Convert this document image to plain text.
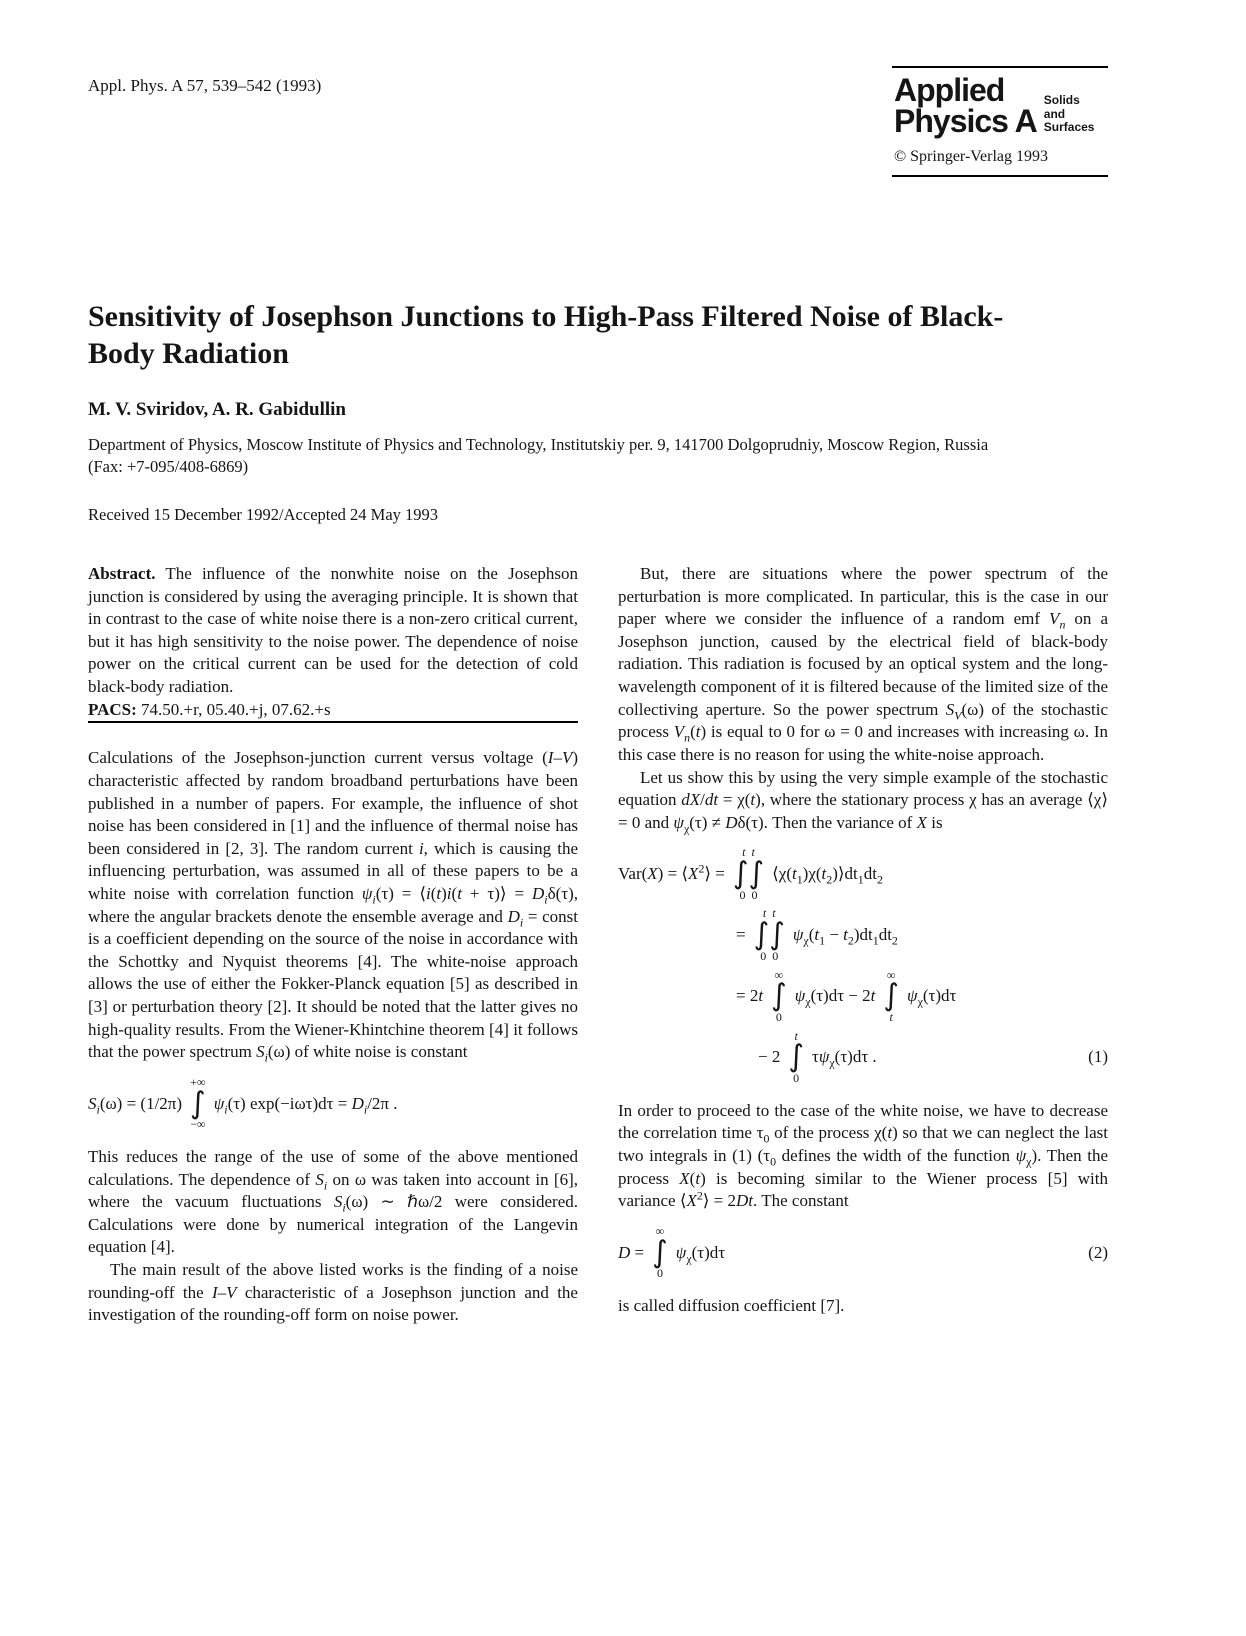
Appl. Phys. A 57, 539–542 (1993)	Applied
Physics A
Solids
and
Surfaces
© Springer-Verlag 1993
Sensitivity of Josephson Junctions to High-Pass Filtered Noise of Black-Body Radiation
M. V. Sviridov, A. R. Gabidullin
Department of Physics, Moscow Institute of Physics and Technology, Institutskiy per. 9, 141700 Dolgoprudniy, Moscow Region, Russia
(Fax: +7-095/408-6869)
Received 15 December 1992/Accepted 24 May 1993

Abstract. The influence of the nonwhite noise on the Josephson junction is considered by using the averaging principle. It is shown that in contrast to the case of white noise there is a non-zero critical current, but it has high sensitivity to the noise power. The dependence of noise power on the critical current can be used for the detection of cold black-body radiation.

PACS: 74.50.+r, 05.40.+j, 07.62.+s

Calculations of the Josephson-junction current versus voltage (I–V) characteristic affected by random broadband perturbations have been published in a number of papers. For example, the influence of shot noise has been considered in [1] and the influence of thermal noise has been considered in [2, 3]. The random current i, which is causing the influencing perturbation, was assumed in all of these papers to be a white noise with correlation function $\psi_i(\tau)$ = ⟨i(t)i(t + τ)⟩ = $D_i\delta(\tau)$, where the angular brackets denote the ensemble average and $D_i$ = const is a coefficient depending on the source of the noise in accordance with the Schottky and Nyquist theorems [4]. The white-noise approach allows the use of either the Fokker-Planck equation [5] as described in [3] or perturbation theory [2]. It should be noted that the latter gives no high-quality results. From the Wiener-Khintchine theorem [4] it follows that the power spectrum $S_i(\omega)$ of white noise is constant

$S_i(\omega) = (1/2\pi)$
+∞
∫
−∞
$\psi_i(\tau) \exp(-i\omega\tau)d\tau = D_i/2\pi$ .

This reduces the range of the use of some of the above mentioned calculations. The dependence of $S_i$ on ω was taken into account in [6], where the vacuum fluctuations $S_i(\omega)$ ∼ ℏω/2 were considered. Calculations were done by numerical integration of the Langevin equation [4].

The main result of the above listed works is the finding of a noise rounding-off the I–V characteristic of a Josephson junction and the investigation of the rounding-off form on noise power.

But, there are situations where the power spectrum of the perturbation is more complicated. In particular, this is the case in our paper where we consider the influence of a random emf $V_n$ on a Josephson junction, caused by the electrical field of black-body radiation. This radiation is focused by an optical system and the long-wavelength component of it is filtered because of the limited size of the collectiving aperture. So the power spectrum $S_V(\omega)$ of the stochastic process $V_n(t)$ is equal to 0 for ω = 0 and increases with increasing ω. In this case there is no reason for using the white-noise approach.

Let us show this by using the very simple example of the stochastic equation dX/dt = χ(t), where the stationary process χ has an average ⟨χ⟩ = 0 and $\psi_\chi(\tau) \ne D\delta(\tau)$. Then the variance of X is

$Var(X) = ⟨X^2⟩$ =
t t
∫∫
0  0
$⟨\chi(t_1)\chi(t_2)⟩dt_1dt_2$
=
t t
∫∫
0  0
$\psi_\chi(t_1 - t_2)dt_1dt_2$
= 2t
∞
∫
0
$\psi_\chi(\tau)d\tau - 2t$
∞
∫
t
$\psi_\chi(\tau)d\tau$
− 2
t
∫
0
$\tau\psi_\chi(\tau)d\tau$ .	(1)

In order to proceed to the case of the white noise, we have to decrease the correlation time $\tau_0$ of the process χ(t) so that we can neglect the last two integrals in (1) ($\tau_0$ defines the width of the function $\psi_\chi$). Then the process X(t) is becoming similar to the Wiener process [5] with variance $⟨X^2⟩ = 2Dt$. The constant

D =
∞
∫
0
$\psi_\chi(\tau)d\tau$	(2)

is called diffusion coefficient [7].
